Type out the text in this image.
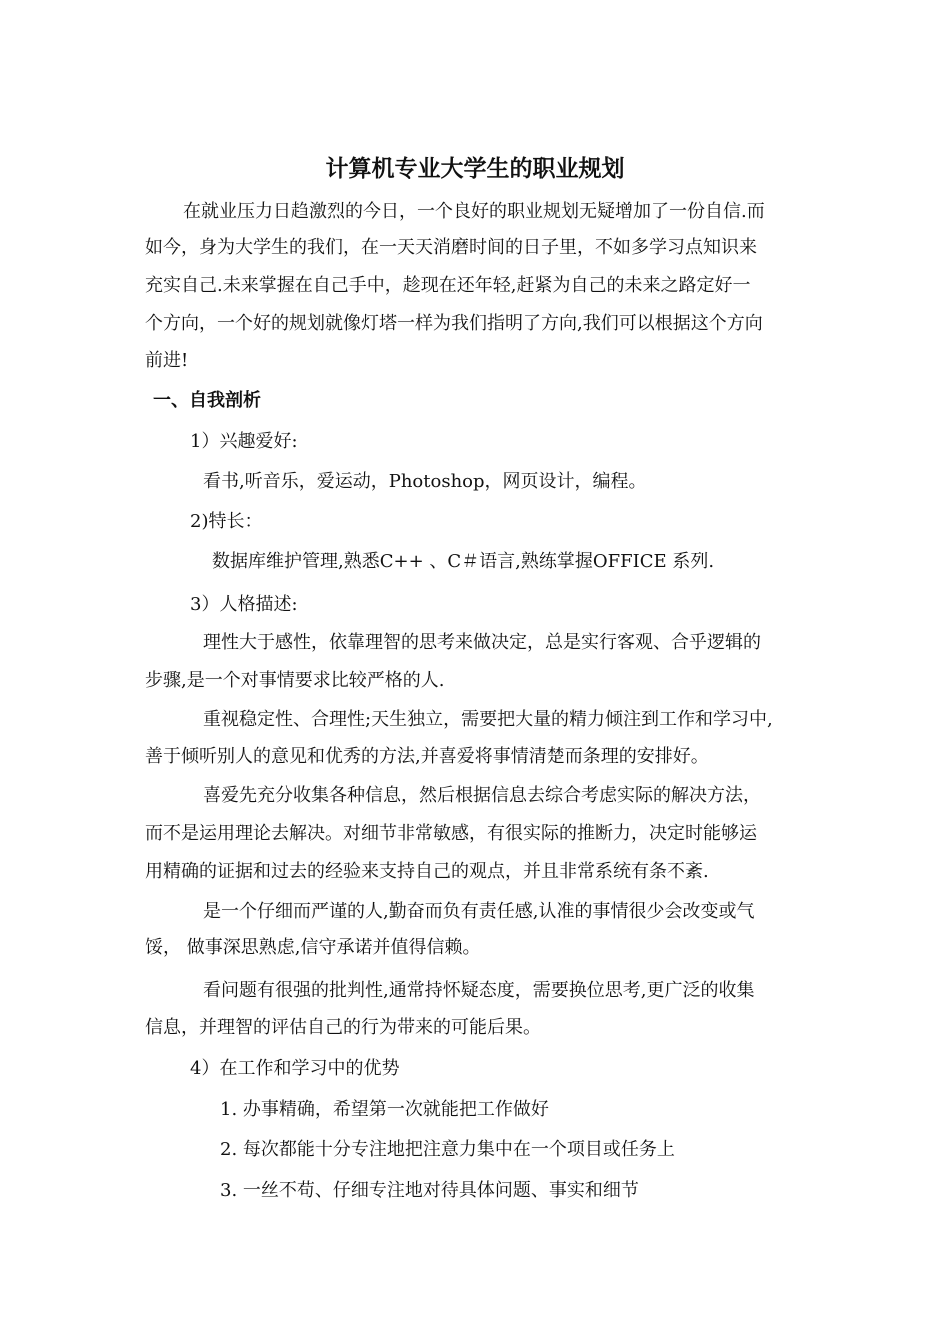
计算机专业大学生的职业规划

在就业压力日趋激烈的今日，一个良好的职业规划无疑增加了一份自信.而

如今，身为大学生的我们，在一天天消磨时间的日子里，不如多学习点知识来

充实自己.未来掌握在自己手中，趁现在还年轻,赶紧为自己的未来之路定好一

个方向，一个好的规划就像灯塔一样为我们指明了方向,我们可以根据这个方向

前进!

一、自我剖析

1）兴趣爱好:

看书,听音乐，爱运动，Photoshop，网页设计，编程。

2)特长：

数据库维护管理,熟悉C++ 、C＃语言,熟练掌握OFFICE 系列.

3）人格描述:

理性大于感性，依靠理智的思考来做决定，总是实行客观、合乎逻辑的

步骤,是一个对事情要求比较严格的人.

重视稳定性、合理性;天生独立，需要把大量的精力倾注到工作和学习中,

善于倾听别人的意见和优秀的方法,并喜爱将事情清楚而条理的安排好。

喜爱先充分收集各种信息，然后根据信息去综合考虑实际的解决方法，

而不是运用理论去解决。对细节非常敏感，有很实际的推断力，决定时能够运

用精确的证据和过去的经验来支持自己的观点，并且非常系统有条不紊.

是一个仔细而严谨的人,勤奋而负有责任感,认准的事情很少会改变或气

馁， 做事深思熟虑,信守承诺并值得信赖。

看问题有很强的批判性,通常持怀疑态度，需要换位思考,更广泛的收集

信息，并理智的评估自己的行为带来的可能后果。

4）在工作和学习中的优势

1. 办事精确，希望第一次就能把工作做好

2. 每次都能十分专注地把注意力集中在一个项目或任务上

3. 一丝不苟、仔细专注地对待具体问题、事实和细节
